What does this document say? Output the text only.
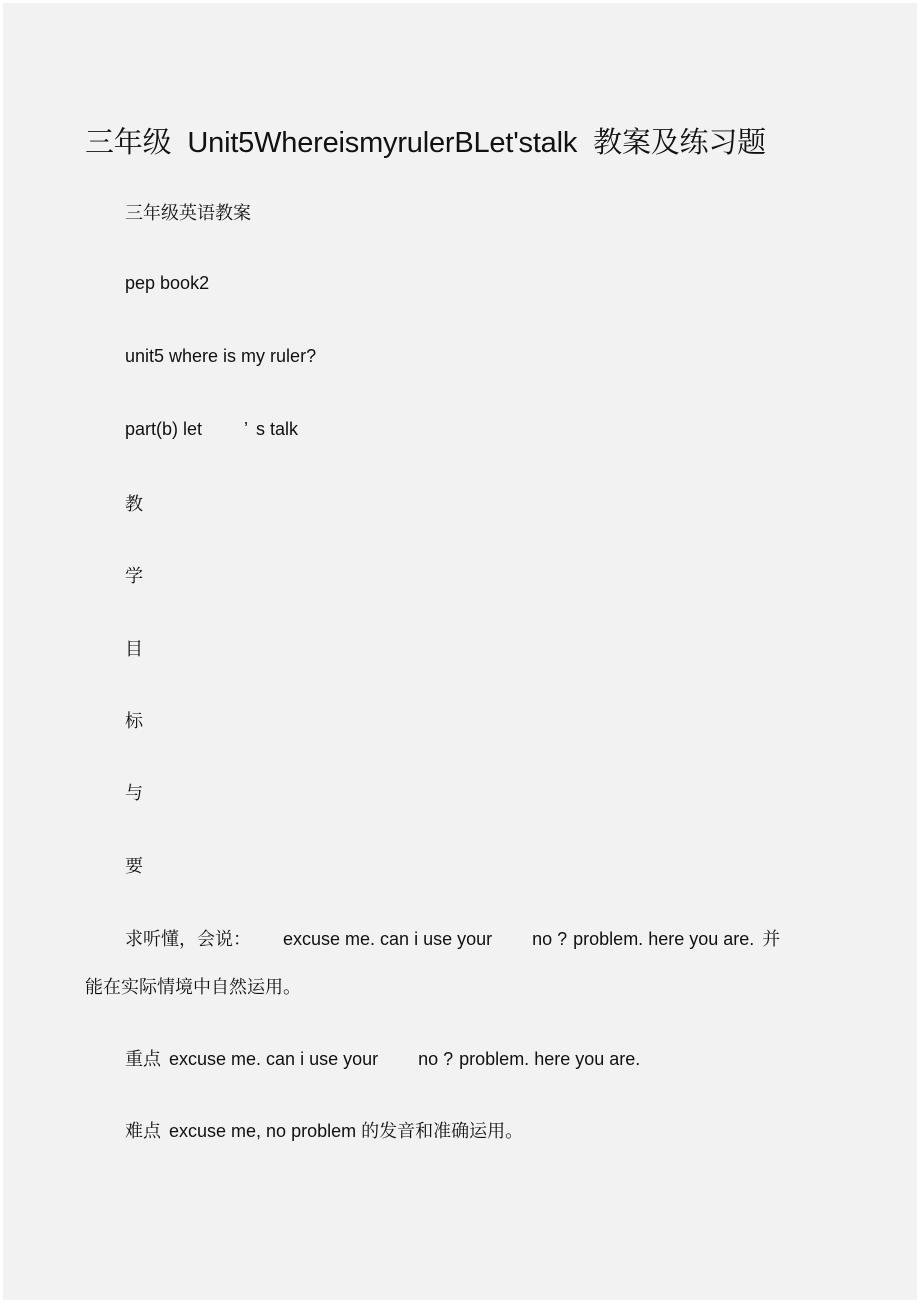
三年级 Unit5WhereismyrulerBLet'stalk 教案及练习题
三年级英语教案
pep book2
unit5 where is my ruler?
part(b) let ’ s talk
教
学
目
标
与
要
求听懂，会说： excuse me. can i use your no ? problem. here you are. 并
能在实际情境中自然运用。
重点 excuse me. can i use your no ? problem. here you are.
难点 excuse me, no problem 的发音和准确运用。
